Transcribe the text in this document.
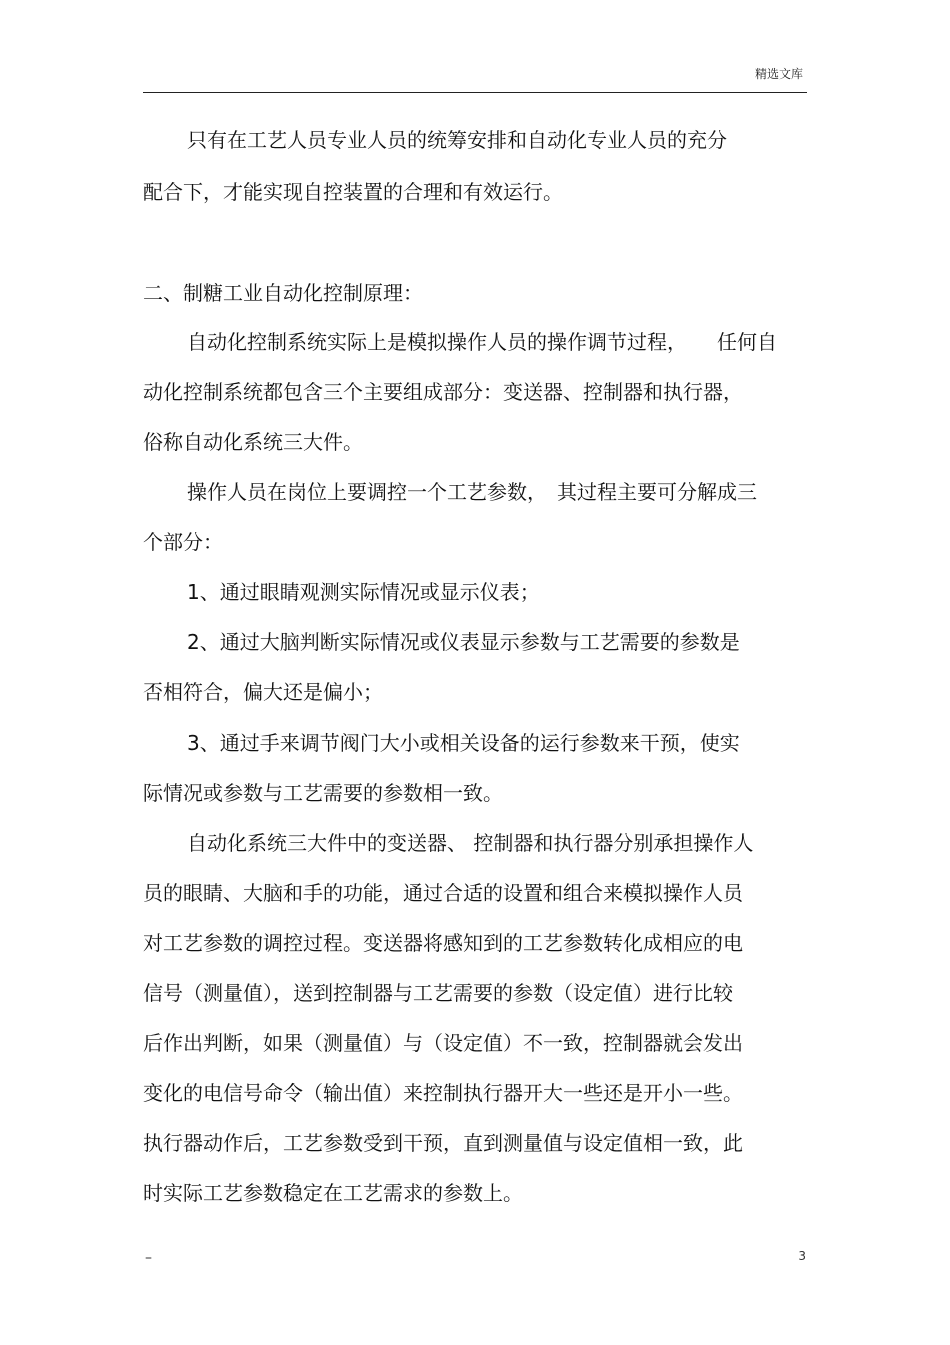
精选文库
只有在工艺人员专业人员的统筹安排和自动化专业人员的充分
配合下，才能实现自控装置的合理和有效运行。
二、制糖工业自动化控制原理：
自动化控制系统实际上是模拟操作人员的操作调节过程，　　任何自
动化控制系统都包含三个主要组成部分：变送器、控制器和执行器，
俗称自动化系统三大件。
操作人员在岗位上要调控一个工艺参数，　其过程主要可分解成三
个部分：
1、通过眼睛观测实际情况或显示仪表；
2、通过大脑判断实际情况或仪表显示参数与工艺需要的参数是
否相符合，偏大还是偏小；
3、通过手来调节阀门大小或相关设备的运行参数来干预，使实
际情况或参数与工艺需要的参数相一致。
自动化系统三大件中的变送器、 控制器和执行器分别承担操作人
员的眼睛、大脑和手的功能，通过合适的设置和组合来模拟操作人员
对工艺参数的调控过程。变送器将感知到的工艺参数转化成相应的电
信号（测量值），送到控制器与工艺需要的参数（设定值）进行比较
后作出判断，如果（测量值）与（设定值）不一致，控制器就会发出
变化的电信号命令（输出值）来控制执行器开大一些还是开小一些。
执行器动作后，工艺参数受到干预，直到测量值与设定值相一致，此
时实际工艺参数稳定在工艺需求的参数上。
–	3
